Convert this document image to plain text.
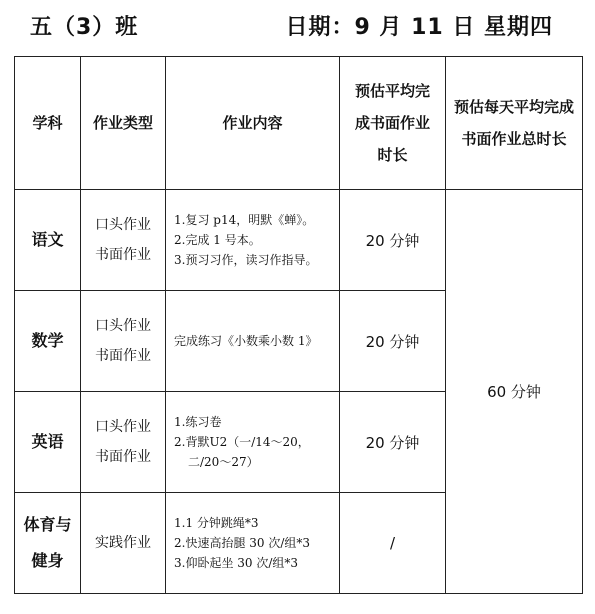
五（3）班	日期：9 月 11 日 星期四
学科	作业类型	作业内容	预估平均完
成书面作业
时长	预估每天平均完成
书面作业总时长

语文	口头作业
书面作业	1.复习 p14，明默《蝉》。
2.完成 1 号本。
3.预习习作，读习作指导。	20 分钟	60 分钟
数学	口头作业
书面作业	完成练习《小数乘小数 1》	20 分钟	
英语	口头作业
书面作业	1.练习卷
2.背默U2（一/14～20，
二/20～27）	20 分钟	

体育与
健身	实践作业	1.1 分钟跳绳*3
2.快速高抬腿 30 次/组*3
3.仰卧起坐 30 次/组*3	/	
